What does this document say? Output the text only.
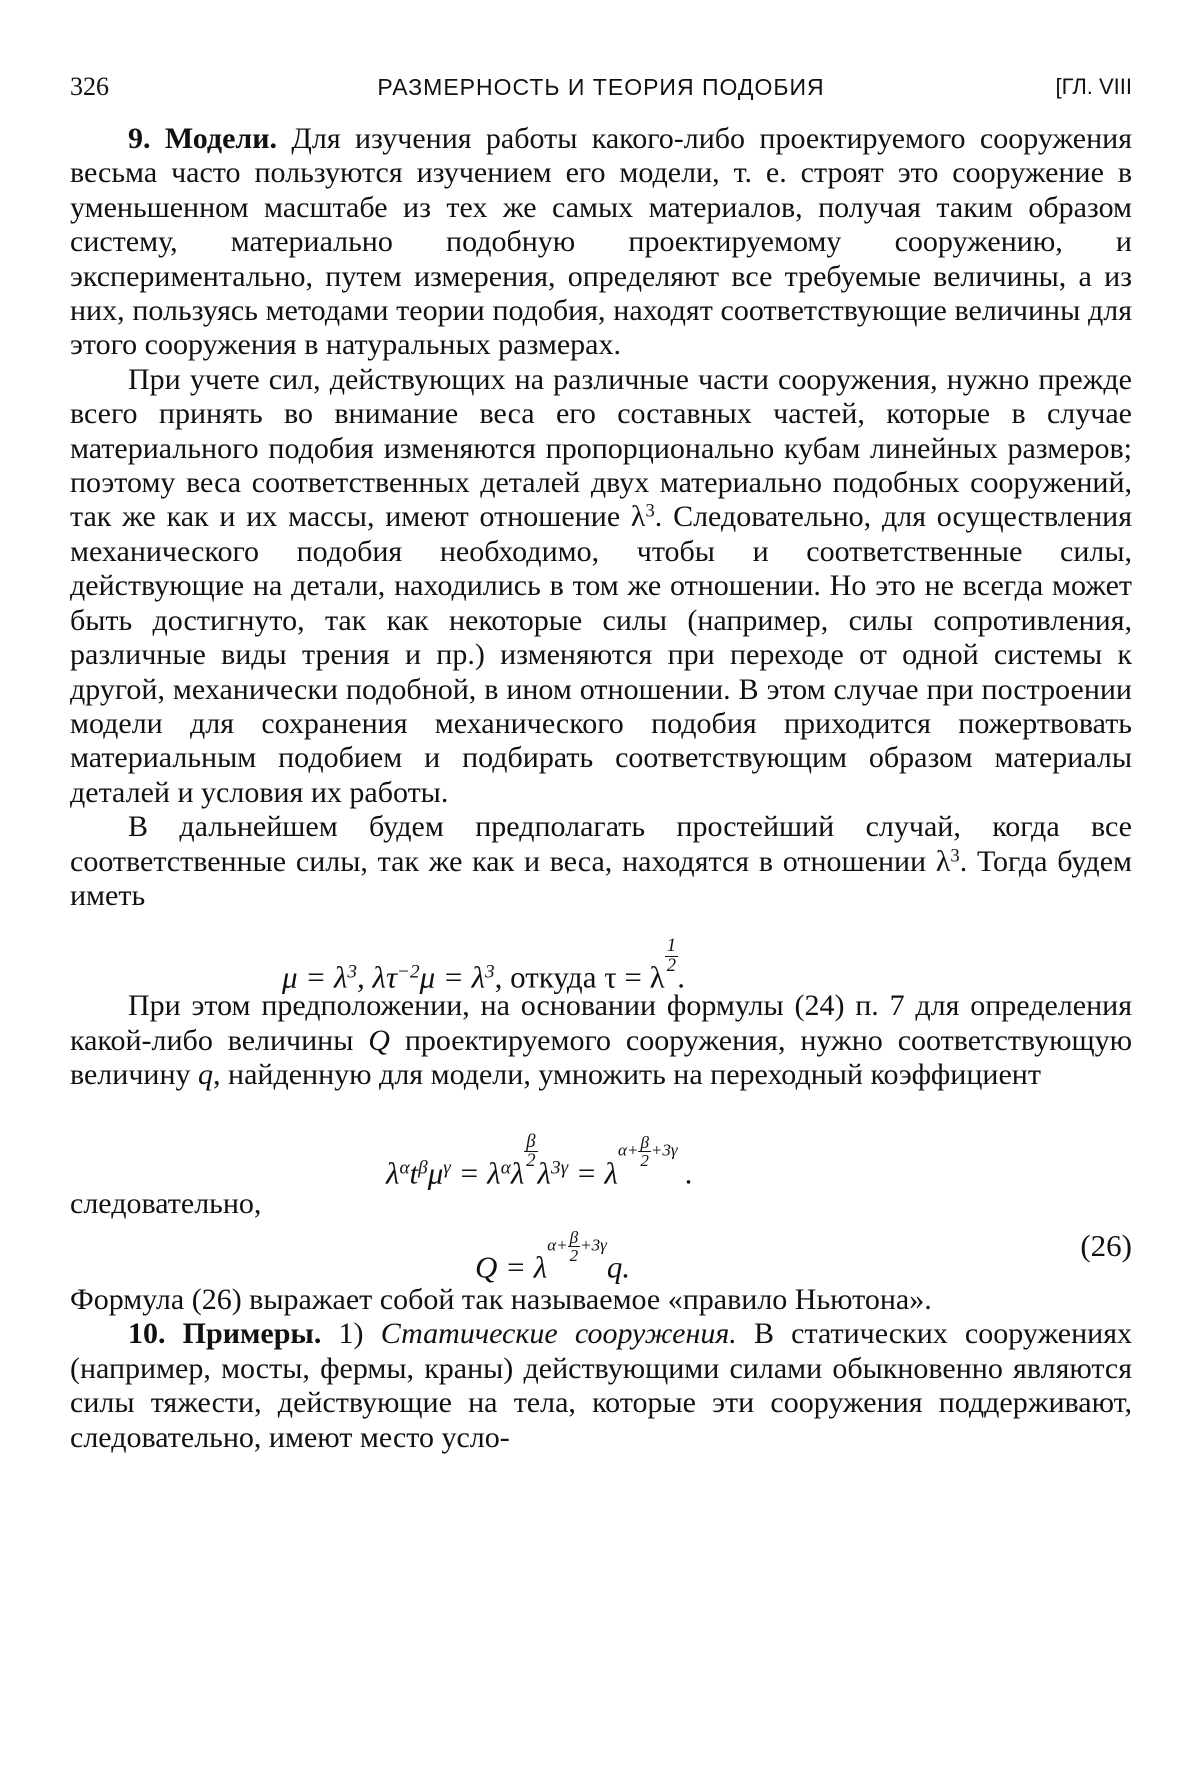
326	РАЗМЕРНОСТЬ И ТЕОРИЯ ПОДОБИЯ	[ГЛ. VIII

9. Модели. Для изучения работы какого-либо проектируемого сооружения весьма часто пользуются изучением его модели, т. е. строят это сооружение в уменьшенном масштабе из тех же самых материалов, получая таким образом систему, материально подобную проектируемому сооружению, и экспериментально, путем измерения, определяют все требуемые величины, а из них, пользуясь методами теории подобия, находят соответствующие величины для этого сооружения в натуральных размерах.

При учете сил, действующих на различные части сооружения, нужно прежде всего принять во внимание веса его составных частей, которые в случае материального подобия изменяются пропорционально кубам линейных размеров; поэтому веса соответственных деталей двух материально подобных сооружений, так же как и их массы, имеют отношение $\lambda^3$. Следовательно, для осуществления механического подобия необходимо, чтобы и соответственные силы, действующие на детали, находились в том же отношении. Но это не всегда может быть достигнуто, так как некоторые силы (например, силы сопротивления, различные виды трения и пр.) изменяются при переходе от одной системы к другой, механически подобной, в ином отношении. В этом случае при построении модели для сохранения механического подобия приходится пожертвовать материальным подобием и подбирать соответствующим образом материалы деталей и условия их работы.

В дальнейшем будем предполагать простейший случай, когда все соответственные силы, так же как и веса, находятся в отношении $\lambda^3$. Тогда будем иметь

$\mu = \lambda^3$, $\lambda\tau^{-2}\mu = \lambda^3$, откуда τ = λ
$\frac{1}{2}$
.

При этом предположении, на основании формулы (24) п. 7 для определения какой-либо величины Q проектируемого сооружения, нужно соответствующую величину q, найденную для модели, умножить на переходный коэффициент

$\lambda^\alpha t^\beta\mu^\gamma = \lambda^\alpha\lambda$
$\frac{\beta}{2}$
$\lambda^{3\gamma} = \lambda\alpha+ \frac{\beta}{2} +3\gamma$ .

следовательно,

$Q = \lambda\alpha+ \frac{\beta}{2} +3\gamma q$.
(26)

Формула (26) выражает собой так называемое «правило Ньютона».

10. Примеры. 1) Статические сооружения. В статических сооружениях (например, мосты, фермы, краны) действующими силами обыкновенно являются силы тяжести, действующие на тела, которые эти сооружения поддерживают, следовательно, имеют место усло-
